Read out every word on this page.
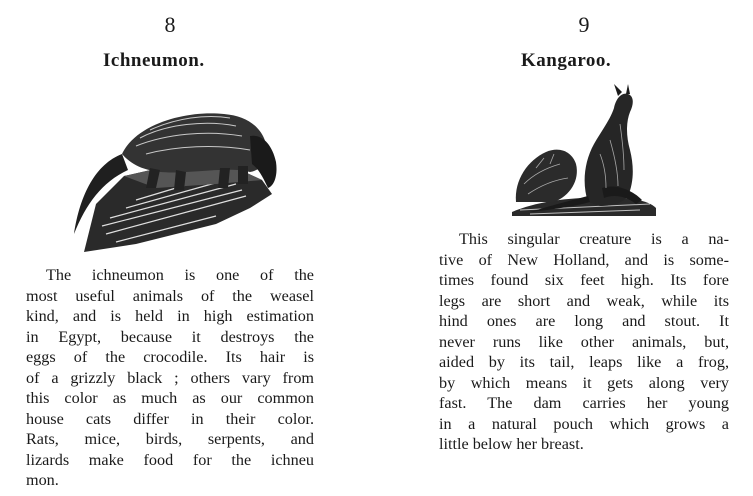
8
Ichneumon.
The ichneumon is one of the
most useful animals of the weasel
kind, and is held in high estimation
in Egypt, because it destroys the
eggs of the crocodile. Its hair is
of a grizzly black ; others vary from
this color as much as our common
house cats differ in their color.
Rats, mice, birds, serpents, and
lizards make food for the ichneu
mon.
9
Kangaroo.
This singular creature is a na-
tive of New Holland, and is some-
times found six feet high. Its fore
legs are short and weak, while its
hind ones are long and stout. It
never runs like other animals, but,
aided by its tail, leaps like a frog,
by which means it gets along very
fast. The dam carries her young
in a natural pouch which grows a
little below her breast.
